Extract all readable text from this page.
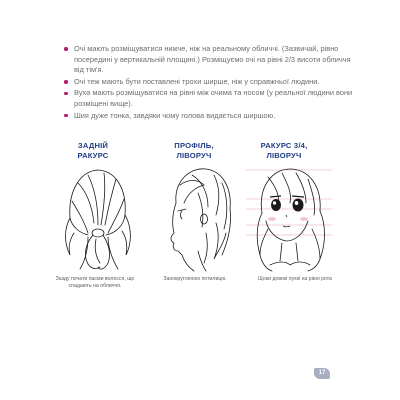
Очі мають розміщуватися нижче, ніж на реальному обличчі. (Зазвичай, рівно посередині у вертикальній площині.) Розміщуємо очі на рівні 2/3 висоти обличчя від тім'я.
Очі теж мають бути поставлені трохи ширше, ніж у справжньої людини.
Вуха мають розміщуватися на рівні між очима та носом (у реальної людини вони розміщені вище).
Шия дуже тонка, завдяки чому голова видається ширшою.
ЗАДНІЙ
РАКУРС
ПРОФІЛЬ,
ЛІВОРУЧ
РАКУРС 3/4,
ЛІВОРУЧ
Зазду почати пасми волосся, що спадають на обличчя.
Занокругленою потилицю.	Щоки довокі пухкі на рівні рота
17
